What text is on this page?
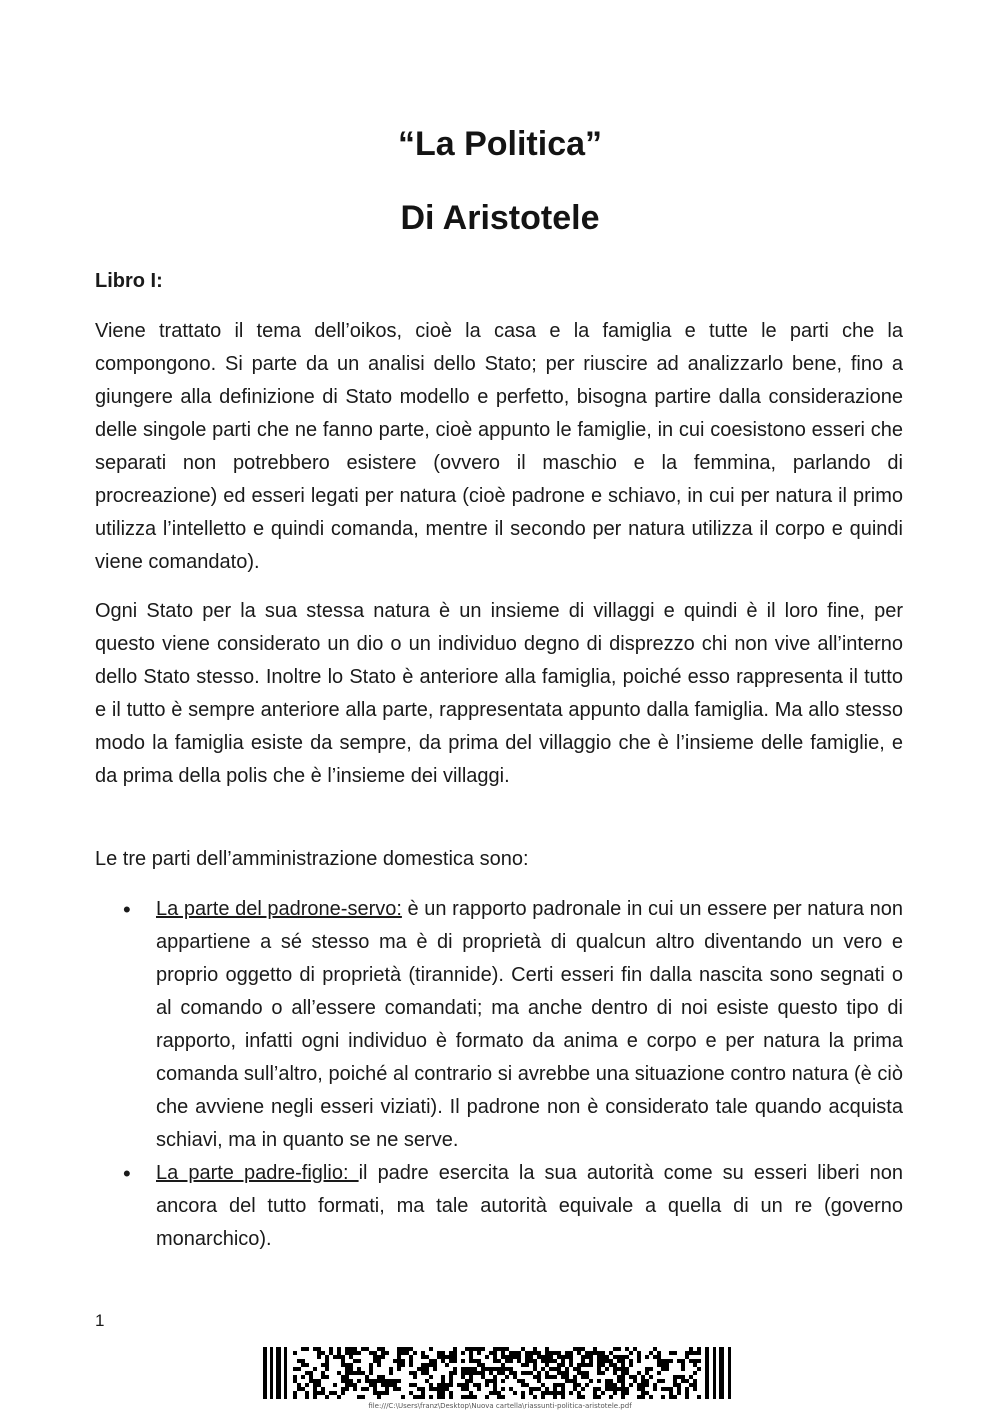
“La Politica”
Di Aristotele
Libro I:

Viene trattato il tema dell’oikos, cioè la casa e la famiglia e tutte le parti che la compongono. Si parte da un analisi dello Stato; per riuscire ad analizzarlo bene, fino a giungere alla definizione di Stato modello e perfetto, bisogna partire dalla considerazione delle singole parti che ne fanno parte, cioè appunto le famiglie, in cui coesistono esseri che separati non potrebbero esistere (ovvero il maschio e la femmina, parlando di procreazione) ed esseri legati per natura (cioè padrone e schiavo, in cui per natura il primo utilizza l’intelletto e quindi comanda, mentre il secondo per natura utilizza il corpo e quindi viene comandato).

Ogni Stato per la sua stessa natura è un insieme di villaggi e quindi è il loro fine, per questo viene considerato un dio o un individuo degno di disprezzo chi non vive all’interno dello Stato stesso. Inoltre lo Stato è anteriore alla famiglia, poiché esso rappresenta il tutto e il tutto è sempre anteriore alla parte, rappresentata appunto dalla famiglia. Ma allo stesso modo la famiglia esiste da sempre, da prima del villaggio che è l’insieme delle famiglie, e da prima della polis che è l’insieme dei villaggi.

Le tre parti dell’amministrazione domestica sono:

• La parte del padrone-servo: è un rapporto padronale in cui un essere per natura non appartiene a sé stesso ma è di proprietà di qualcun altro diventando un vero e proprio oggetto di proprietà (tirannide). Certi esseri fin dalla nascita sono segnati o al comando o all’essere comandati; ma anche dentro di noi esiste questo tipo di rapporto, infatti ogni individuo è formato da anima e corpo e per natura la prima comanda sull’altro, poiché al contrario si avrebbe una situazione contro natura (è ciò che avviene negli esseri viziati). Il padrone non è considerato tale quando acquista schiavi, ma in quanto se ne serve.
• La parte padre-figlio: il padre esercita la sua autorità come su esseri liberi non ancora del tutto formati, ma tale autorità equivale a quella di un re (governo monarchico).
1
file:///C:\Users\franz\Desktop\Nuova cartella\riassunti-politica-aristotele.pdf
